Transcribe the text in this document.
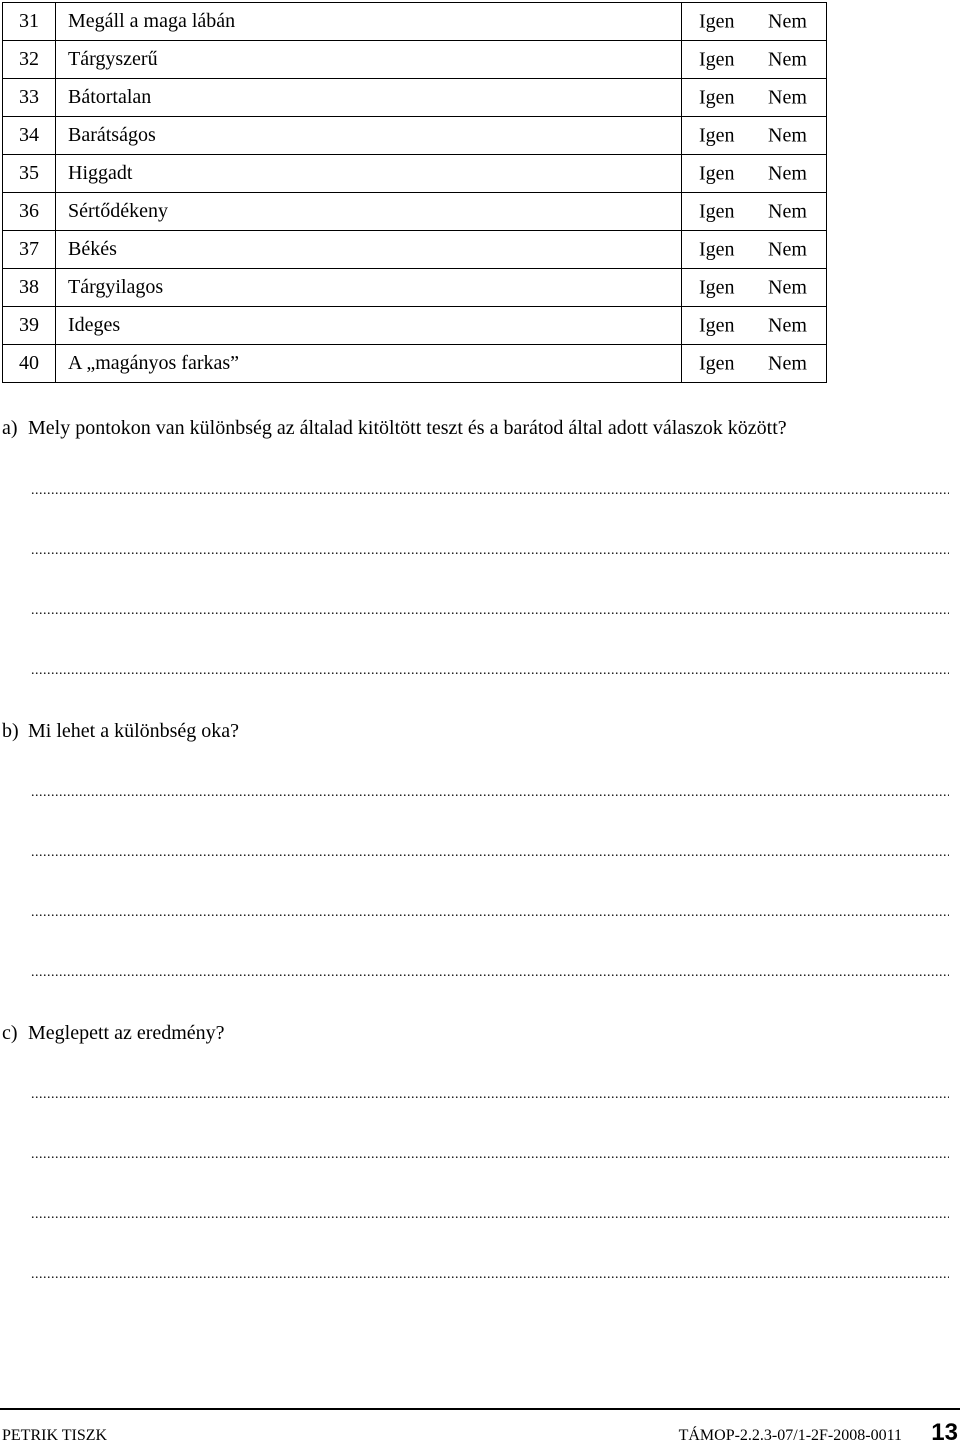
31	Megáll a maga lábán	Igen Nem

32	Tárgyszerű	Igen Nem

33	Bátortalan	Igen Nem

34	Barátságos	Igen Nem

35	Higgadt	Igen Nem

36	Sértődékeny	Igen Nem

37	Békés	Igen Nem

38	Tárgyilagos	Igen Nem

39	Ideges	Igen Nem

40	A „magányos farkas”	Igen Nem
a) Mely pontokon van különbség az általad kitöltött teszt és a barátod által adott válaszok között?
.....
.....
.....
.....
b) Mi lehet a különbség oka?
.....
.....
.....
.....
c) Meglepett az eredmény?
.....
.....
.....
.....
PETRIK TISZK	TÁMOP-2.2.3-07/1-2F-2008-0011 13
